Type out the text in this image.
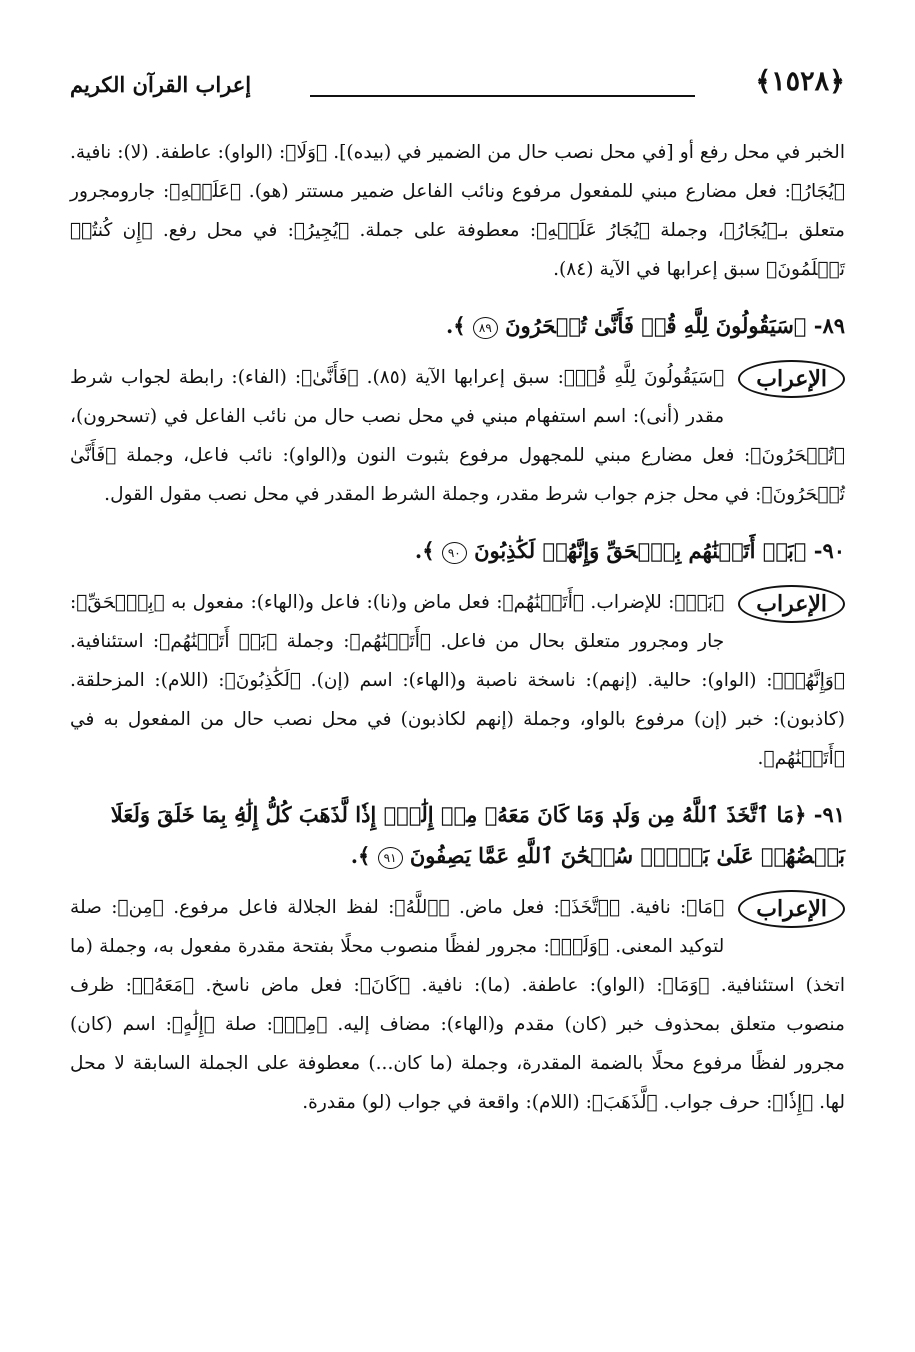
﴿١٥٢٨﴾
إعراب القرآن الكريم

الخبر في محل رفع أو [في محل نصب حال من الضمير في (بيده)]. ﴿وَلَا﴾: (الواو): عاطفة. (لا): نافية. ﴿يُجَارُ﴾: فعل مضارع مبني للمفعول مرفوع ونائب الفاعل ضمير مستتر (هو). ﴿عَلَيۡهِ﴾: جارومجرور متعلق بـ﴿يُجَارُ﴾، وجملة ﴿يُجَارُ عَلَيۡهِ﴾: معطوفة على جملة. ﴿يُجِيرُ﴾: في محل رفع. ﴿إِن كُنتُمۡ تَعۡلَمُونَ﴾ سبق إعرابها في الآية (٨٤).

٨٩- ﴿سَيَقُولُونَ لِلَّهِ قُلۡ فَأَنَّىٰ تُسۡحَرُونَ ٨٩ ﴾.
الإعراب

﴿سَيَقُولُونَ لِلَّهِ قُلۡ﴾: سبق إعرابها الآية (٨٥). ﴿فَأَنَّىٰ﴾: (الفاء): رابطة لجواب شرط مقدر (أنى): اسم استفهام مبني في محل نصب حال من نائب الفاعل في (تسحرون)، ﴿تُسۡحَرُونَ﴾: فعل مضارع مبني للمجهول مرفوع بثبوت النون و(الواو): نائب فاعل، وجملة ﴿فَأَنَّىٰ تُسۡحَرُونَ﴾: في محل جزم جواب شرط مقدر، وجملة الشرط المقدر في محل نصب مقول القول.

٩٠- ﴿بَلۡ أَتَيۡنَٰهُم بِٱلۡحَقِّ وَإِنَّهُمۡ لَكَٰذِبُونَ ٩٠ ﴾.
الإعراب

﴿بَلۡ﴾: للإضراب. ﴿أَتَيۡنَٰهُم﴾: فعل ماض و(نا): فاعل و(الهاء): مفعول به ﴿بِٱلۡحَقِّ﴾: جار ومجرور متعلق بحال من فاعل. ﴿أَتَيۡنَٰهُم﴾: وجملة ﴿بَلۡ أَتَيۡنَٰهُم﴾: استئنافية. ﴿وَإِنَّهُمۡ﴾: (الواو): حالية. (إنهم): ناسخة ناصبة و(الهاء): اسم (إن). ﴿لَكَٰذِبُونَ﴾: (اللام): المزحلقة. (كاذبون): خبر (إن) مرفوع بالواو، وجملة (إنهم لكاذبون) في محل نصب حال من المفعول به في ﴿أَتَيۡنَٰهُم﴾.

٩١- ﴿مَا ٱتَّخَذَ ٱللَّهُ مِن وَلَدٖ وَمَا كَانَ مَعَهُۥ مِنۡ إِلَٰهٍۚ إِذٗا لَّذَهَبَ كُلُّ إِلَٰهِۢ بِمَا خَلَقَ وَلَعَلَا بَعۡضُهُمۡ عَلَىٰ بَعۡضٖۚ سُبۡحَٰنَ ٱللَّهِ عَمَّا يَصِفُونَ ٩١ ﴾.
الإعراب

﴿مَا﴾: نافية. ﴿ٱتَّخَذَ﴾: فعل ماض. ﴿ٱللَّهُ﴾: لفظ الجلالة فاعل مرفوع. ﴿مِن﴾: صلة لتوكيد المعنى. ﴿وَلَدٖ﴾: مجرور لفظًا منصوب محلًا بفتحة مقدرة مفعول به، وجملة (ما اتخذ) استئنافية. ﴿وَمَا﴾: (الواو): عاطفة. (ما): نافية. ﴿كَانَ﴾: فعل ماض ناسخ. ﴿مَعَهُۥ﴾: ظرف منصوب متعلق بمحذوف خبر (كان) مقدم و(الهاء): مضاف إليه. ﴿مِنۡ﴾: صلة ﴿إِلَٰهٍ﴾: اسم (كان) مجرور لفظًا مرفوع محلًا بالضمة المقدرة، وجملة (ما كان...) معطوفة على الجملة السابقة لا محل لها. ﴿إِذٗا﴾: حرف جواب. ﴿لَّذَهَبَ﴾: (اللام): واقعة في جواب (لو) مقدرة.
